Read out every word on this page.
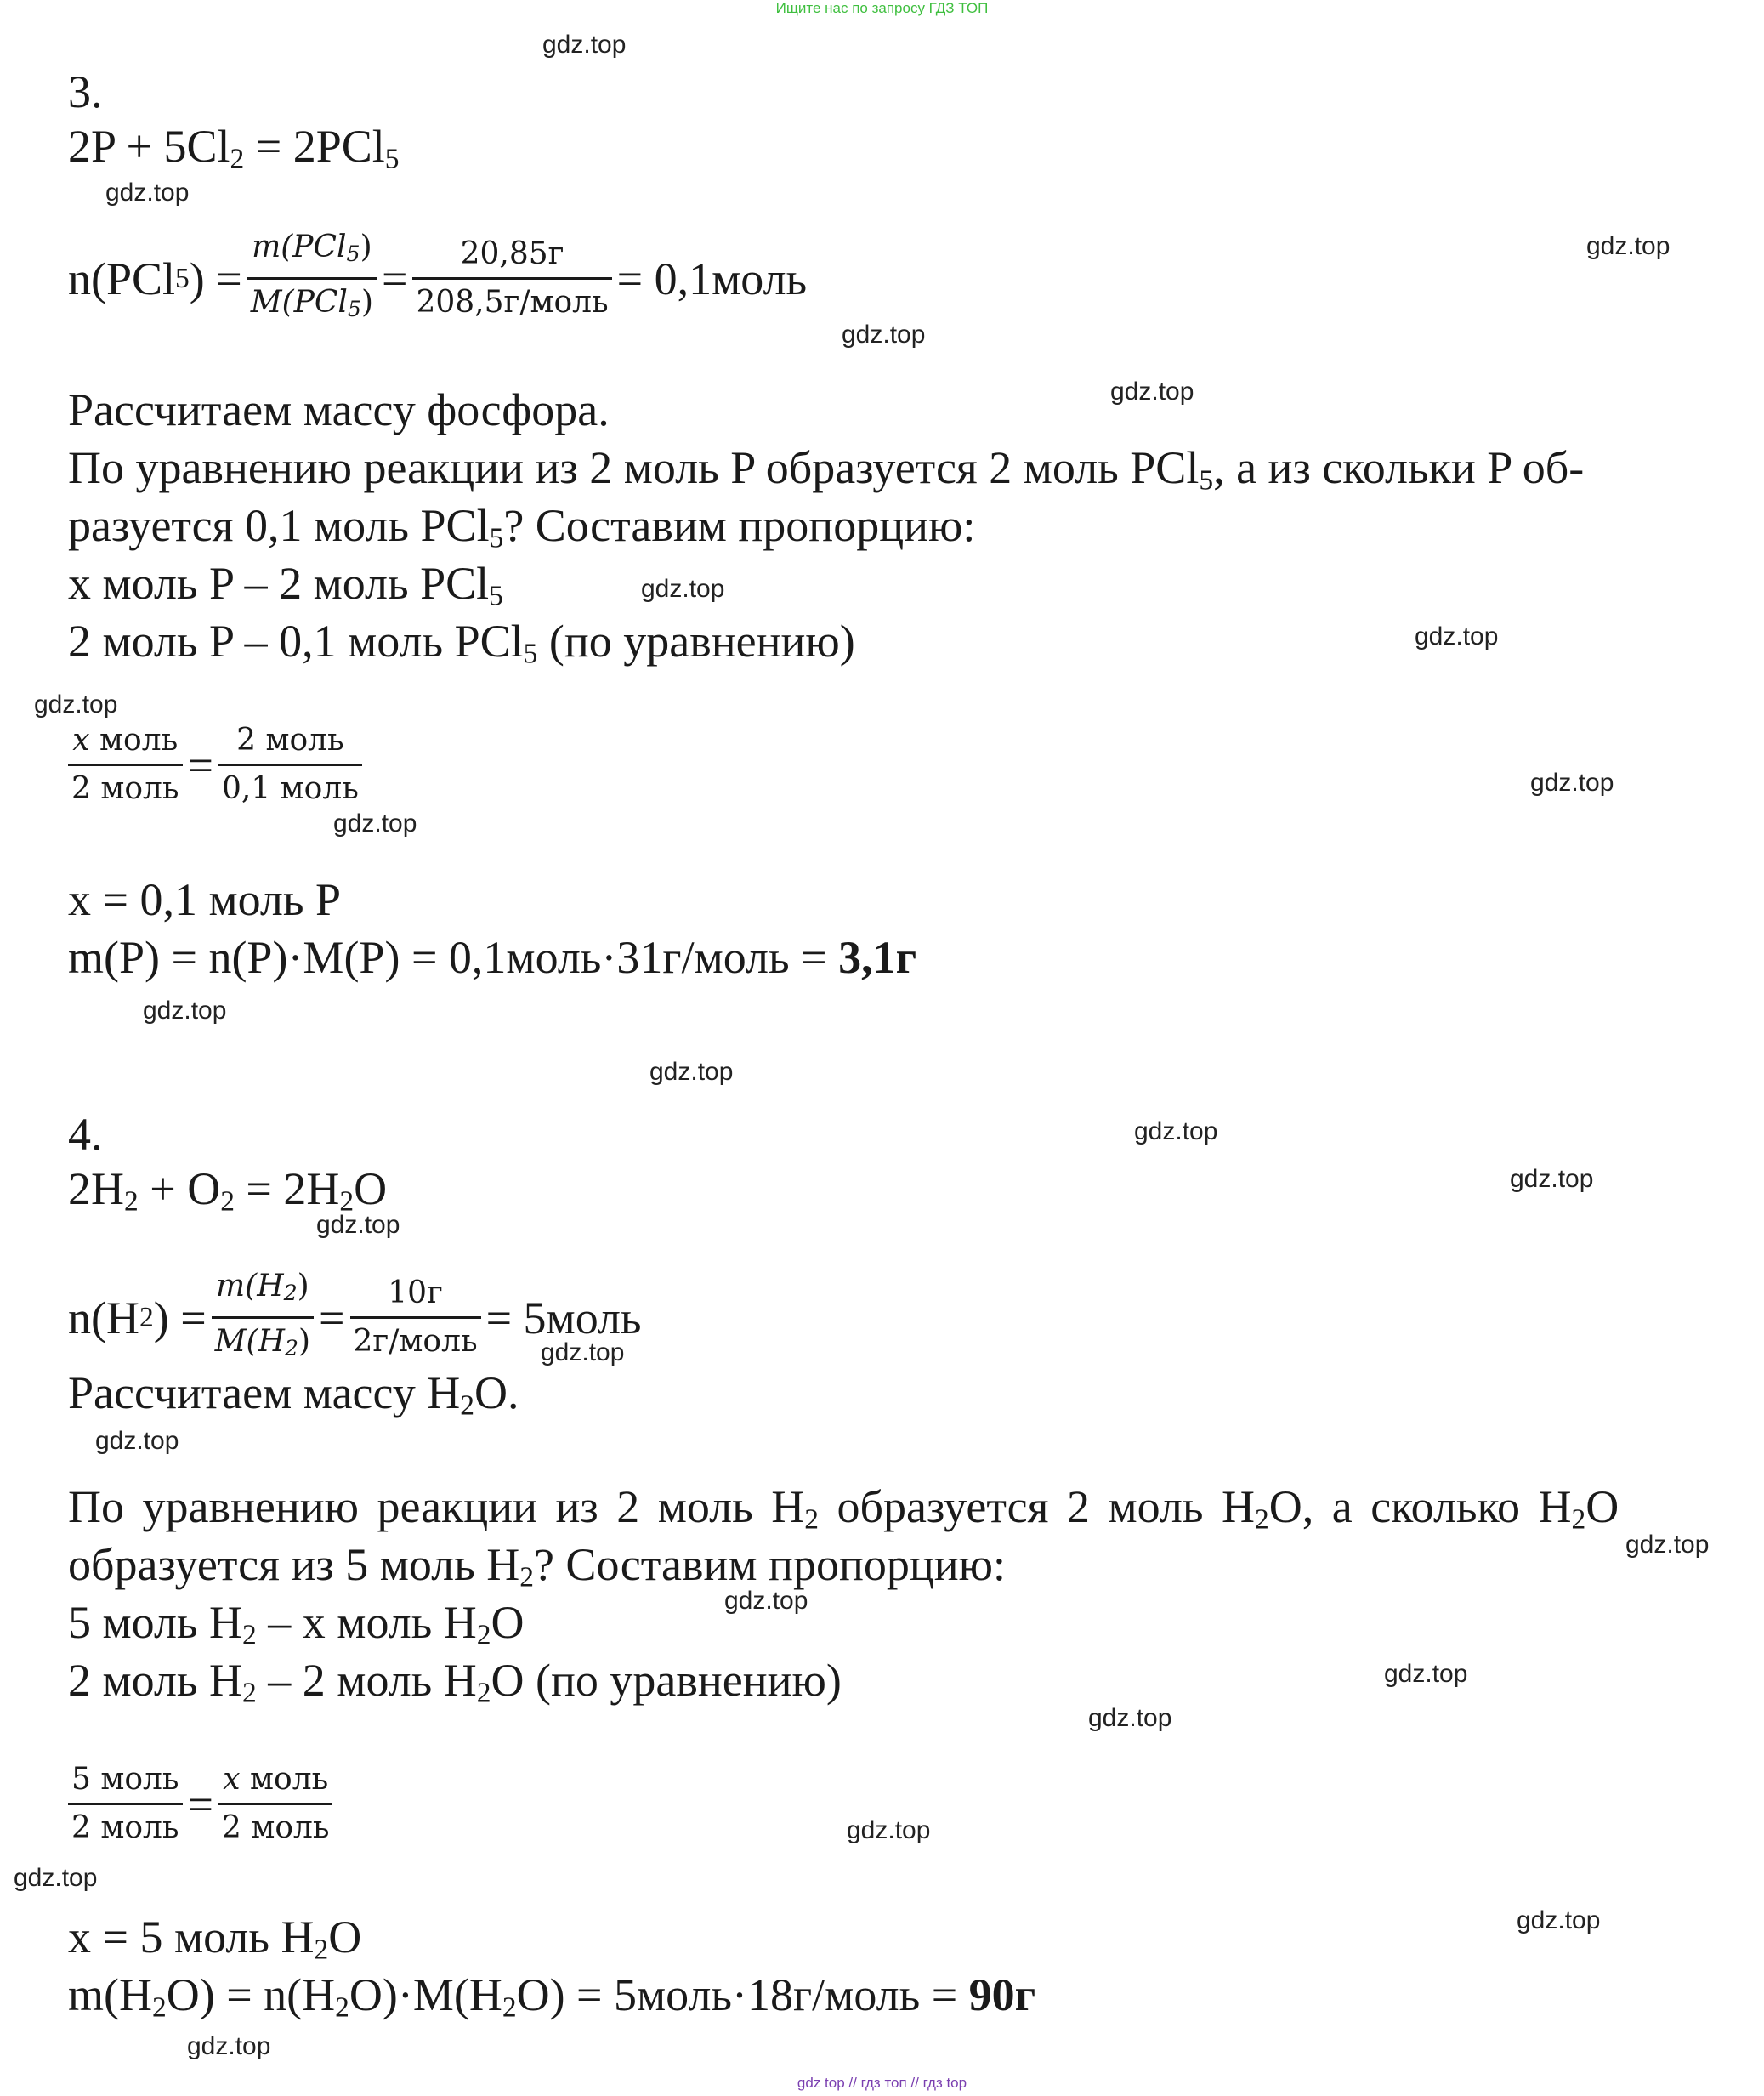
Ищите нас по запросу ГДЗ ТОП
gdz.top
gdz.top
gdz.top
gdz.top
gdz.top
gdz.top
gdz.top
gdz.top
gdz.top
gdz.top
gdz.top
gdz.top
gdz.top
gdz.top
gdz.top
gdz.top
gdz.top
gdz.top
gdz.top
gdz.top
gdz.top
gdz.top
gdz.top
gdz.top
gdz.top
3.
$2P + 5Cl_2 = 2PCl_5$
n(PCl 5 ) = $\frac{\text{m(PCl5)}}{\text{M(PCl5)}} = \frac{20,85г}{\text{208,5г/моль}}$ = 0,1моль
Рассчитаем массу фосфора.
По уравнению реакции из 2 моль P образуется 2 моль PCl$_5$, а из скольки P об-
разуется 0,1 моль PCl$_5$? Составим пропорцию:
x моль P – 2 моль PCl$_5$
2 моль P – 0,1 моль PCl$_5$ (по уравнению)
$\frac{\text{x моль}}{\text{2 моль}} = \frac{\text{2 моль}}{\text{0,1 моль}}$
x = 0,1 моль P
m(P) = n(P)·M(P) = 0,1моль·31г/моль = 3,1г
4.
$2H_2 + O_2 = 2H_2O$
n(H 2 ) = $\frac{m(H2)}{M(H2)} = \frac{10г}{\text{2г/моль}}$ = 5моль
Рассчитаем массу $H_2O$.
По уравнению реакции из 2 моль $H_2$ образуется 2 моль $H_2O$, а сколько $H_2O$
образуется из 5 моль $H_2$? Составим пропорцию:
5 моль $H_2$ – x моль $H_2O$
2 моль $H_2 - 2$ моль $H_2O$ (по уравнению)
$\frac{\text{5 моль}}{\text{2 моль}} = \frac{\text{x моль}}{\text{2 моль}}$
x = 5 моль $H_2O$
$m(H_2O) = n(H_2O)\cdot M(H_2O)$ = 5моль·18г/моль = 90г
gdz top // гдз топ // гдз top
